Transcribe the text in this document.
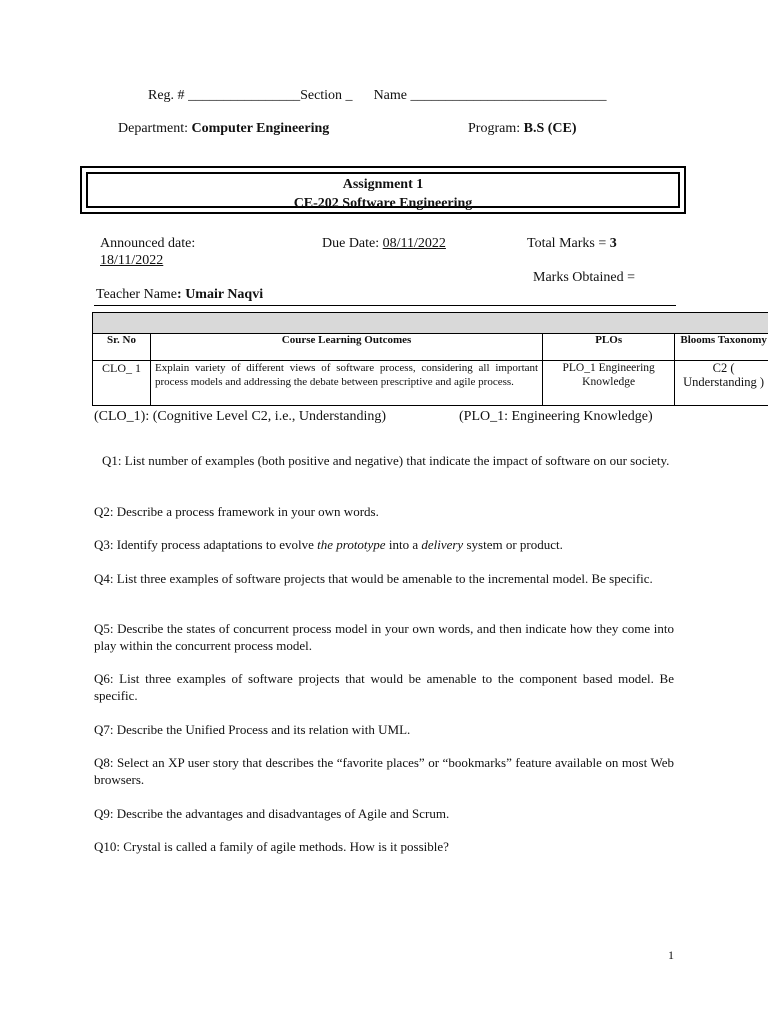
Reg. # ________________Section _ Name ____________________________
Department: Computer Engineering	Program: B.S (CE)
Assignment 1
CE-202 Software Engineering
Announced date:
18/11/2022
Due Date: 08/11/2022	Total Marks = 3
Marks Obtained =
Teacher Name: Umair Naqvi

Sr. No	Course Learning Outcomes	PLOs	Blooms Taxonomy
CLO_ 1	Explain variety of different views of software process, considering all important process models and addressing the debate between prescriptive and agile process.	PLO_1 Engineering Knowledge	C2 ( Understanding )
(CLO_1): (Cognitive Level C2, i.e., Understanding)	(PLO_1: Engineering Knowledge)
Q1: List number of examples (both positive and negative) that indicate the impact of software on our society.
Q2: Describe a process framework in your own words.
Q3: Identify process adaptations to evolve the prototype into a delivery system or product.
Q4: List three examples of software projects that would be amenable to the incremental model. Be specific.
Q5: Describe the states of concurrent process model in your own words, and then indicate how they come into play within the concurrent process model.
Q6: List three examples of software projects that would be amenable to the component based model. Be specific.
Q7: Describe the Unified Process and its relation with UML.
Q8: Select an XP user story that describes the “favorite places” or “bookmarks” feature available on most Web browsers.
Q9: Describe the advantages and disadvantages of Agile and Scrum.
Q10: Crystal is called a family of agile methods. How is it possible?
1
